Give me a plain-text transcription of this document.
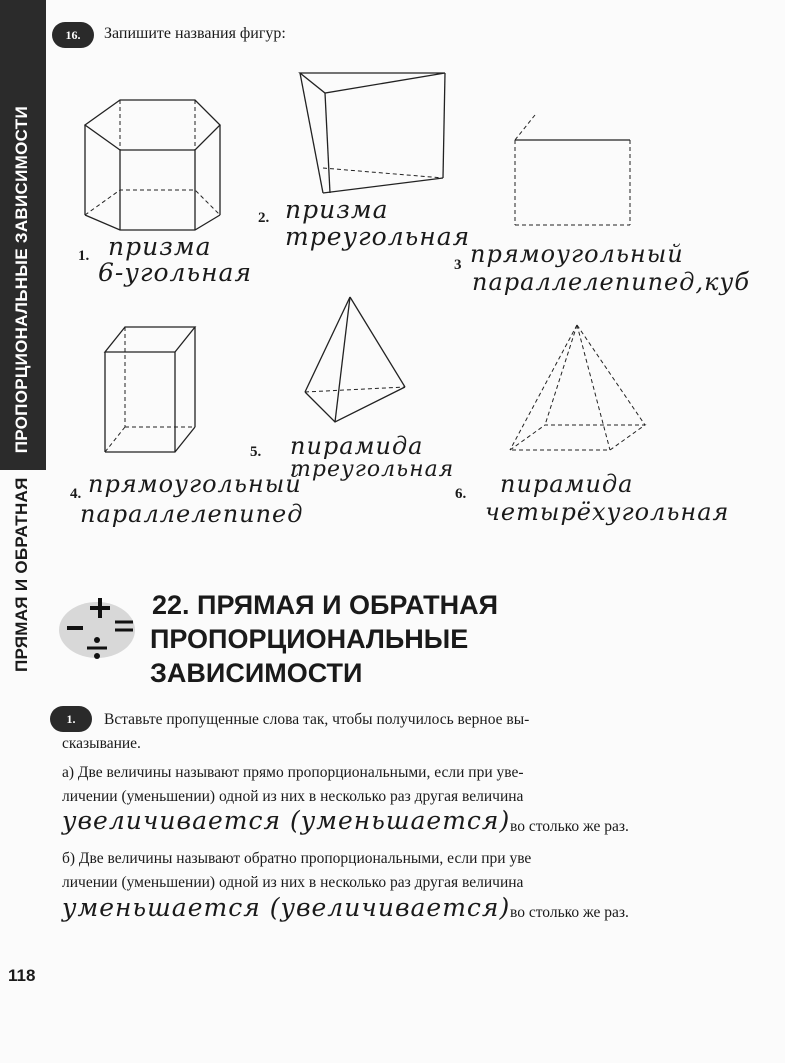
ПРЯМАЯ И ОБРАТНАЯ  ПРОПОРЦИОНАЛЬНЫЕ ЗАВИСИМОСТИ
16.	Запишите названия фигур:
1. призма
6-угольная
2. призма
треугольная
3 прямоугольный
параллелепипед,куб
4. прямоугольный
параллелепипед
5. пирамида
треугольная
6. пирамида
четырёхугольная
22. ПРЯМАЯ И ОБРАТНАЯ
ПРОПОРЦИОНАЛЬНЫЕ
ЗАВИСИМОСТИ
1.	Вставьте пропущенные слова так, чтобы получилось верное вы-
сказывание.
а) Две величины называют прямо пропорциональными, если при уве-
личении (уменьшении) одной из них в несколько раз другая величина
увеличивается (уменьшается) во столько же раз.
б) Две величины называют обратно пропорциональными, если при уве
личении (уменьшении) одной из них в несколько раз другая величина
уменьшается (увеличивается) во столько же раз.
118
